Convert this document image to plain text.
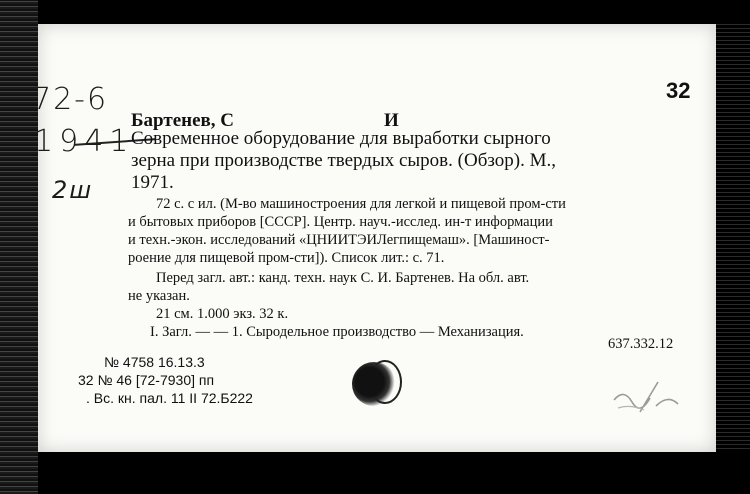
72-6
1941
2ш
32
Бартенев, С	И
Современное оборудование для выработки сырного
зерна при производстве твердых сыров. (Обзор). М.,
1971.
72 с. с ил. (М-во машиностроения для легкой и пищевой пром-сти
и бытовых приборов [СССР]. Центр. науч.-исслед. ин-т информации
и техн.-экон. исследований «ЦНИИТЭИЛегпищемаш». [Машиност-
роение для пищевой пром-сти]). Список лит.: с. 71.
Перед загл. авт.: канд. техн. наук С. И. Бартенев. На обл. авт.
не указан.
21 см. 1.000 экз. 32 к.
I. Загл. — — 1. Сыродельное производство — Механизация.
637.332.12
№ 4758 16.13.3
32 № 46 [72-7930] пп
. Вс. кн. пал. 11 II 72.Б222
